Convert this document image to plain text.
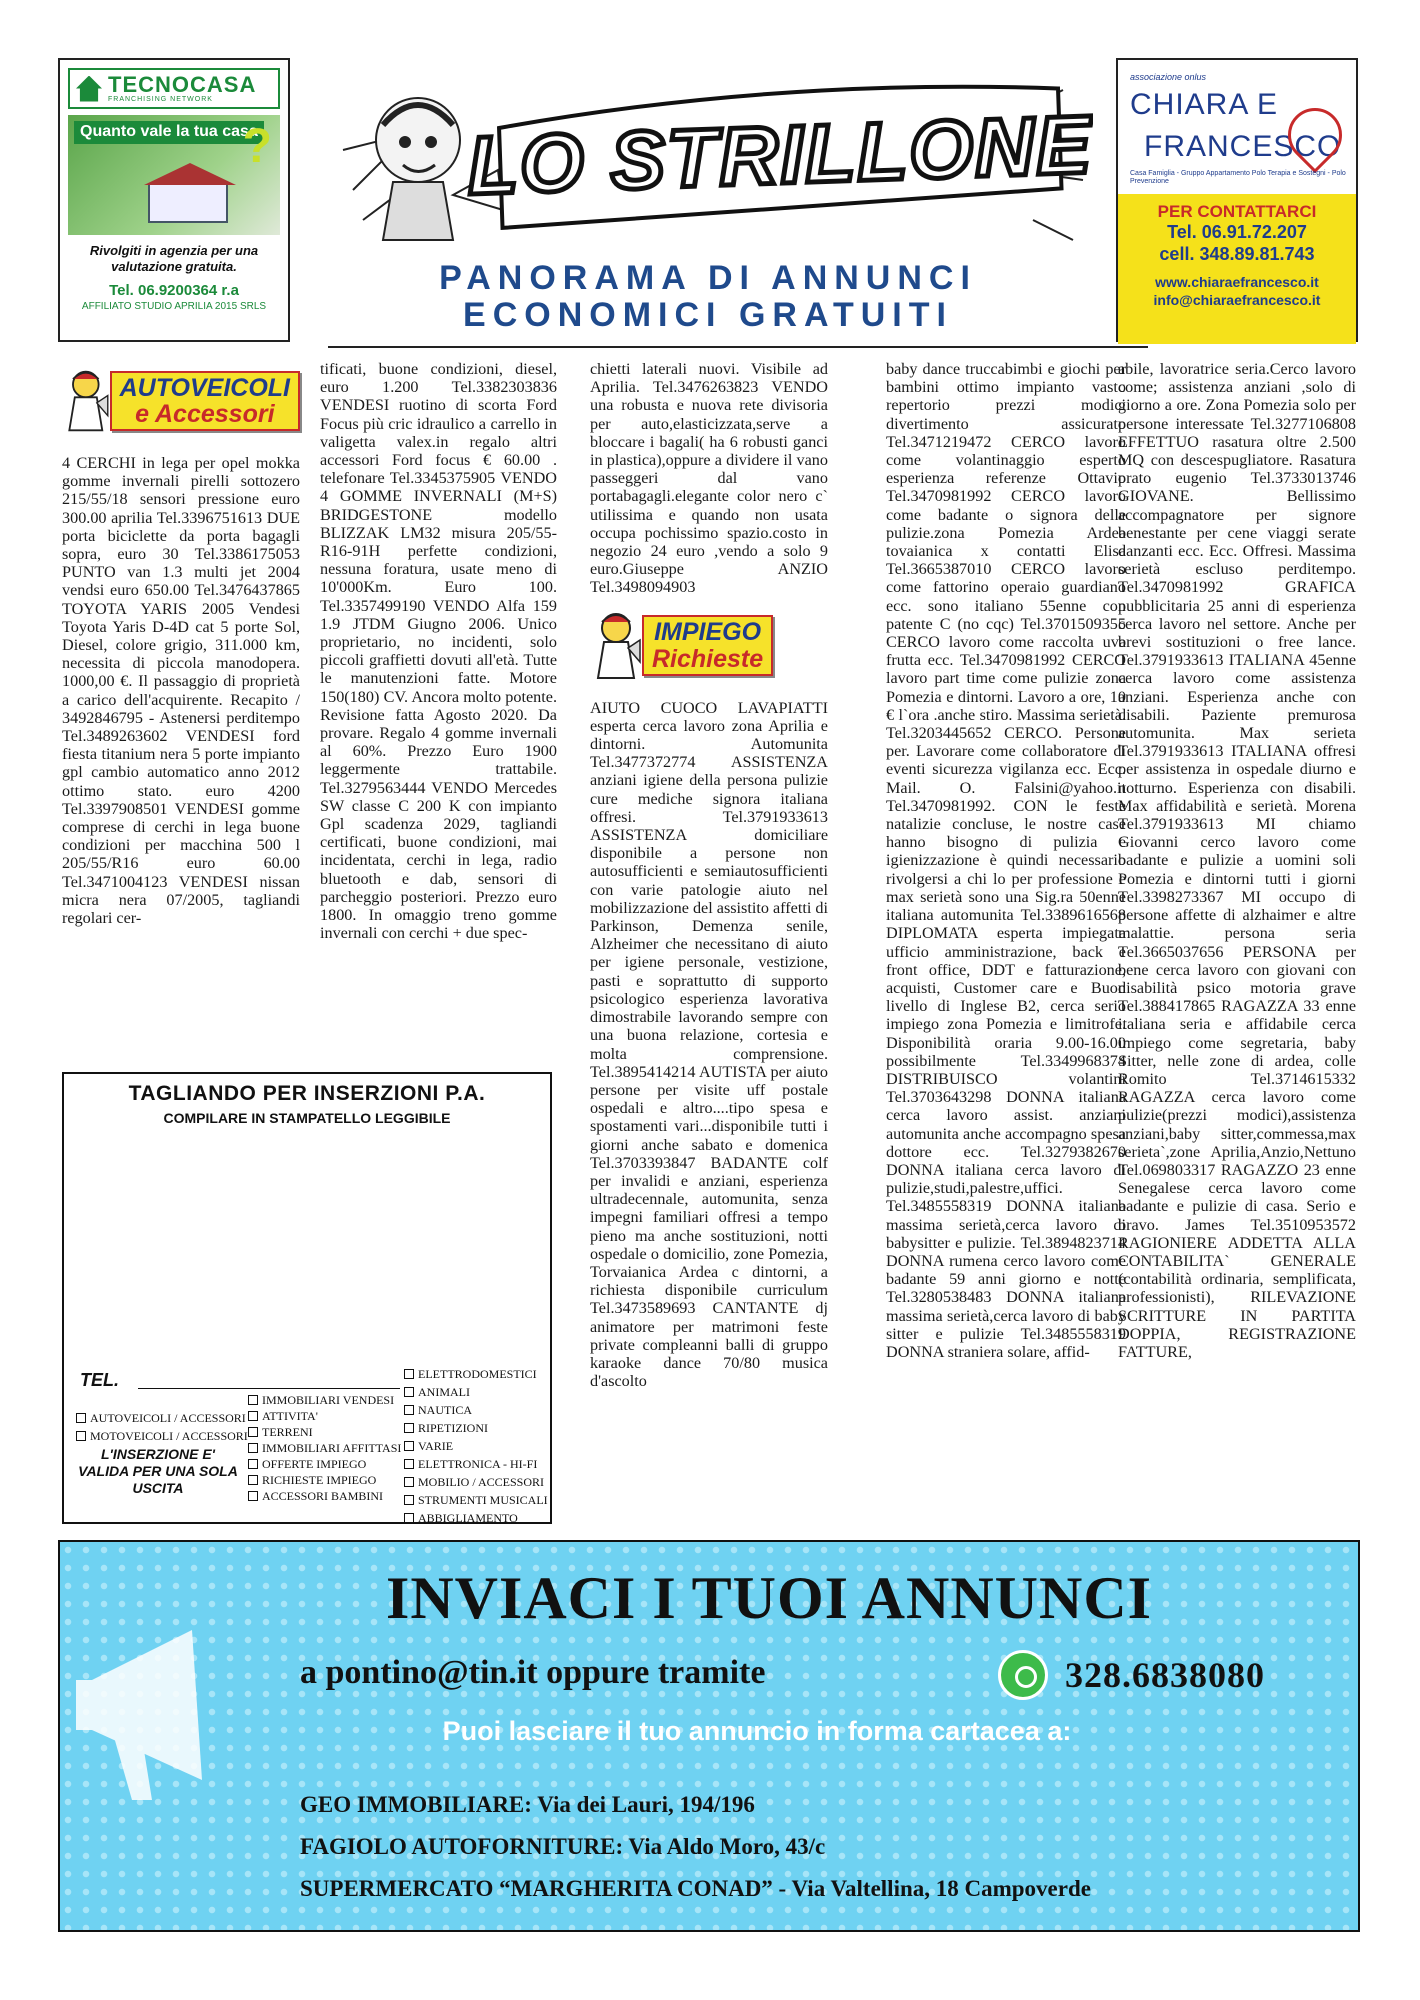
TECNOCASA
FRANCHISING NETWORK
Quanto vale la tua casa
?
Rivolgiti in agenzia per una valutazione gratuita.
Tel. 06.9200364 r.a
AFFILIATO STUDIO APRILIA 2015 SRLS
LO STRILLONE
PANORAMA DI ANNUNCI
ECONOMICI GRATUITI
associazione onlus
CHIARA E
FRANCESCO
Casa Famiglia - Gruppo Appartamento Polo Terapia e Sostegni - Polo Prevenzione
PER CONTATTARCI
Tel. 06.91.72.207
cell. 348.89.81.743
www.chiaraefrancesco.it
info@chiaraefrancesco.it
AUTOVEICOLI
e Accessori

4 CERCHI in lega per opel mokka gomme invernali pirelli sottozero 215/55/18 sensori pressione euro 300.00 aprilia Tel.3396751613 DUE porta biciclette da porta bagagli sopra, euro 30 Tel.3386175053 PUNTO van 1.3 multi jet 2004 vendsi euro 650.00 Tel.3476437865 TOYOTA YARIS 2005 Vendesi Toyota Yaris D-4D cat 5 porte Sol, Diesel, colore grigio, 311.000 km, necessita di piccola manodopera. 1000,00 €. Il passaggio di proprietà a carico dell'acquirente. Recapito / 3492846795 - Astenersi perditempo Tel.3489263602 VENDESI ford fiesta titanium nera 5 porte impianto gpl cambio automatico anno 2012 ottimo stato. euro 4200 Tel.3397908501 VENDESI gomme comprese di cerchi in lega buone condizioni per macchina 500 l 205/55/R16 euro 60.00 Tel.3471004123 VENDESI nissan micra nera 07/2005, tagliandi regolari cer-

tificati, buone condizioni, diesel, euro 1.200 Tel.3382303836 VENDESI ruotino di scorta Ford Focus più cric idraulico a carrello in valigetta valex.in regalo altri accessori Ford focus € 60.00 . telefonare Tel.3345375905 VENDO 4 GOMME INVERNALI (M+S) BRIDGESTONE modello BLIZZAK LM32 misura 205/55-R16-91H perfette condizioni, nessuna foratura, usate meno di 10'000Km. Euro 100. Tel.3357499190 VENDO Alfa 159 1.9 JTDM Giugno 2006. Unico proprietario, no incidenti, solo piccoli graffietti dovuti all'età. Tutte le manutenzioni fatte. Motore 150(180) CV. Ancora molto potente. Revisione fatta Agosto 2020. Da provare. Regalo 4 gomme invernali al 60%. Prezzo Euro 1900 leggermente trattabile. Tel.3279563444 VENDO Mercedes SW classe C 200 K con impianto Gpl scadenza 2029, tagliandi certificati, buone condizioni, mai incidentata, cerchi in lega, radio bluetooth e dab, sensori di parcheggio posteriori. Prezzo euro 1800. In omaggio treno gomme invernali con cerchi + due spec-

chietti laterali nuovi. Visibile ad Aprilia. Tel.3476263823 VENDO una robusta e nuova rete divisoria per auto,elasticizzata,serve a bloccare i bagali( ha 6 robusti ganci in plastica),oppure a dividere il vano passeggeri dal vano portabagagli.elegante color nero c` utilissima e quando non usata occupa pochissimo spazio.costo in negozio 24 euro ,vendo a solo 9 euro.Giuseppe ANZIO Tel.3498094903

IMPIEGO
Richieste

AIUTO CUOCO LAVAPIATTI esperta cerca lavoro zona Aprilia e dintorni. Automunita Tel.3477372774 ASSISTENZA anziani igiene della persona pulizie cure mediche signora italiana offresi. Tel.3791933613 ASSISTENZA domiciliare disponibile a persone non autosufficienti e semiautosufficienti con varie patologie aiuto nel mobilizzazione del assistito affetti di Parkinson, Demenza senile, Alzheimer che necessitano di aiuto per igiene personale, vestizione, pasti e soprattutto di supporto psicologico esperienza lavorativa dimostrabile lavorando sempre con una buona relazione, cortesia e molta comprensione. Tel.3895414214 AUTISTA per aiuto persone per visite uff postale ospedali e altro....tipo spesa e spostamenti vari...disponibile tutti i giorni anche sabato e domenica Tel.3703393847 BADANTE colf per invalidi e anziani, esperienza ultradecennale, automunita, senza impegni familiari offresi a tempo pieno ma anche sostituzioni, notti ospedale o domicilio, zone Pomezia, Torvaianica Ardea c dintorni, a richiesta disponibile curriculum Tel.3473589693 CANTANTE dj animatore per matrimoni feste private compleanni balli di gruppo karaoke dance 70/80 musica d'ascolto

baby dance truccabimbi e giochi per bambini ottimo impianto vasto repertorio prezzi modici divertimento assicurato Tel.3471219472 CERCO lavoro come volantinaggio esperto esperienza referenze Ottavio Tel.3470981992 CERCO lavoro come badante o signora delle pulizie.zona Pomezia Ardea tovaianica x contatti Elisa Tel.3665387010 CERCO lavoro come fattorino operaio guardiano ecc. sono italiano 55enne con patente C (no cqc) Tel.3701509355 CERCO lavoro come raccolta uva frutta ecc. Tel.3470981992 CERCO lavoro part time come pulizie zona Pomezia e dintorni. Lavoro a ore, 10 € l`ora .anche stiro. Massima serietà. Tel.3203445652 CERCO. Persone per. Lavorare come collaboratore di eventi sicurezza vigilanza ecc. Ecc. Mail. O. Falsini@yahoo.it Tel.3470981992. CON le feste natalizie concluse, le nostre case hanno bisogno di pulizia e igienizzazione è quindi necessario rivolgersi a chi lo per professione e max serietà sono una Sig.ra 50enne italiana automunita Tel.3389616568 DIPLOMATA esperta impiegata ufficio amministrazione, back e front office, DDT e fatturazione, acquisti, Customer care e Buon livello di Inglese B2, cerca serio impiego zona Pomezia e limitrofe. Disponibilità oraria 9.00-16.00 possibilmente Tel.3349968374 DISTRIBUISCO volantini Tel.3703643298 DONNA italiana cerca lavoro assist. anziani automunita anche accompagno spesa dottore ecc. Tel.3279382670 DONNA italiana cerca lavoro di pulizie,studi,palestre,uffici. Tel.3485558319 DONNA italiana massima serietà,cerca lavoro di babysitter e pulizie. Tel.3894823714 DONNA rumena cerco lavoro come badante 59 anni giorno e notte Tel.3280538483 DONNA italiana massima serietà,cerca lavoro di baby sitter e pulizie Tel.3485558319 DONNA straniera solare, affid-

abile, lavoratrice seria.Cerco lavoro come; assistenza anziani ,solo di giorno a ore. Zona Pomezia solo per persone interessate Tel.3277106808 EFFETTUO rasatura oltre 2.500 MQ con descespugliatore. Rasatura prato eugenio Tel.3733013746 GIOVANE. Bellissimo accompagnatore per signore benestante per cene viaggi serate danzanti ecc. Ecc. Offresi. Massima serietà escluso perditempo. Tel.3470981992 GRAFICA pubblicitaria 25 anni di esperienza cerca lavoro nel settore. Anche per brevi sostituzioni o free lance. Tel.3791933613 ITALIANA 45enne cerca lavoro come assistenza anziani. Esperienza anche con disabili. Paziente premurosa automunita. Max serieta Tel.3791933613 ITALIANA offresi per assistenza in ospedale diurno e notturno. Esperienza con disabili. Max affidabilità e serietà. Morena Tel.3791933613 MI chiamo Giovanni cerco lavoro come badante e pulizie a uomini soli Pomezia e dintorni tutti i giorni Tel.3398273367 MI occupo di persone affette di alzhaimer e altre malattie. persona seria Tel.3665037656 PERSONA per bene cerca lavoro con giovani con disabilità psico motoria grave Tel.388417865 RAGAZZA 33 enne italiana seria e affidabile cerca impiego come segretaria, baby Sitter, nelle zone di ardea, colle Romito Tel.3714615332 RAGAZZA cerca lavoro come pulizie(prezzi modici),assistenza anziani,baby sitter,commessa,max serieta`,zone Aprilia,Anzio,Nettuno Tel.069803317 RAGAZZO 23 enne Senegalese cerca lavoro come badante e pulizie di casa. Serio e bravo. James Tel.3510953572 RAGIONIERE ADDETTA ALLA CONTABILITA` GENERALE (contabilità ordinaria, semplificata, professionisti), RILEVAZIONE SCRITTURE IN PARTITA DOPPIA, REGISTRAZIONE FATTURE,

TAGLIANDO PER INSERZIONI P.A.
COMPILARE IN STAMPATELLO LEGGIBILE
TEL.
AUTOVEICOLI / ACCESSORI
MOTOVEICOLI / ACCESSORI
IMMOBILIARI VENDESI
ATTIVITA'
TERRENI
IMMOBILIARI AFFITTASI
OFFERTE IMPIEGO
RICHIESTE IMPIEGO
ACCESSORI BAMBINI
ELETTRODOMESTICI
ANIMALI
NAUTICA
RIPETIZIONI
VARIE
ELETTRONICA - HI-FI
MOBILIO / ACCESSORI
STRUMENTI MUSICALI
ABBIGLIAMENTO
L'INSERZIONE E' VALIDA PER UNA SOLA USCITA
INVIACI I TUOI ANNUNCI
a pontino@tin.it oppure tramite	328.6838080
Puoi lasciare il tuo annuncio in forma cartacea a:
GEO IMMOBILIARE: Via dei Lauri, 194/196
FAGIOLO AUTOFORNITURE: Via Aldo Moro, 43/c
SUPERMERCATO “MARGHERITA CONAD” - Via Valtellina, 18 Campoverde
